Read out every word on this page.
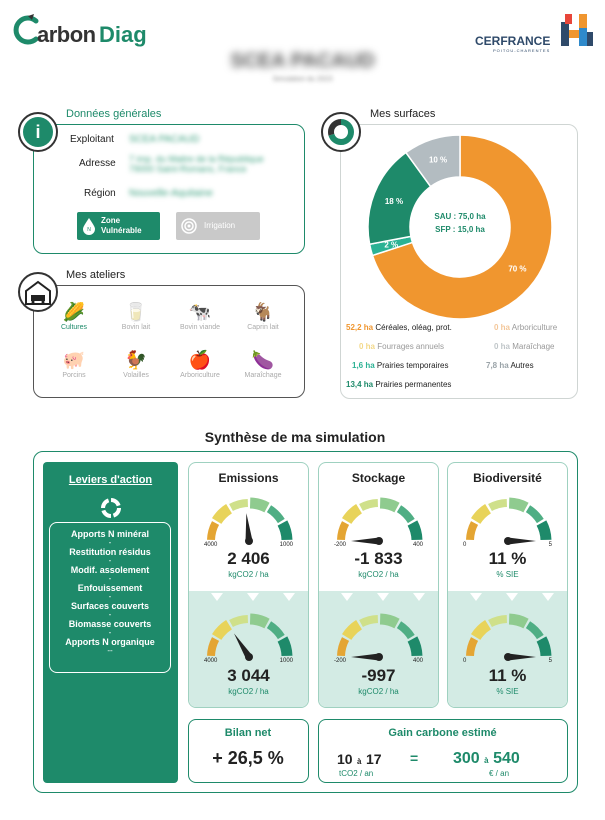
arbon Diag
SCEA PACAUD
Simulation du 2023
CERFRANCE
POITOU-CHARENTES
i
Données générales
Exploitant SCEA PACAUD
Adresse 7 imp. du Maitre de la République
79000 Saint-Romans, France
Région Nouvelle-Aquitaine
N
Zone
Vulnérable
Irrigation
Mes ateliers
🌽
Cultures
🥛
Bovin lait
🐄
Bovin viande
🐐
Caprin lait
🐖
Porcins
🐓
Volailles
🍎
Arboriculture
🍆
Maraîchage
Mes surfaces
70 %
2 %
18 %
10 %
SAU : 75,0 ha
SFP : 15,0 ha
52,2 ha Céréales, oléag, prot.	0 ha Arboriculture
0 ha Fourrages annuels	0 ha Maraîchage
1,6 ha Prairies temporaires	7,8 ha Autres
13,4 ha Prairies permanentes
Synthèse de ma simulation
Leviers d'action
Apports N minéral
-
Restitution résidus
-
Modif. assolement
-
Enfouissement
-
Surfaces couverts
-
Biomasse couverts
-
Apports N organique
--
Emissions
4000	1000
2 406
kgCO2 / ha
4000	1000
3 044
kgCO2 / ha
Stockage
-200	400
-1 833
kgCO2 / ha
-200	400
-997
kgCO2 / ha
Biodiversité
0	5
11 %
% SIE
0	5
11 %
% SIE
Bilan net
+ 26,5 %
Gain carbone estimé
10 à 17
tCO2 / an
= 300 à 540
€ / an
